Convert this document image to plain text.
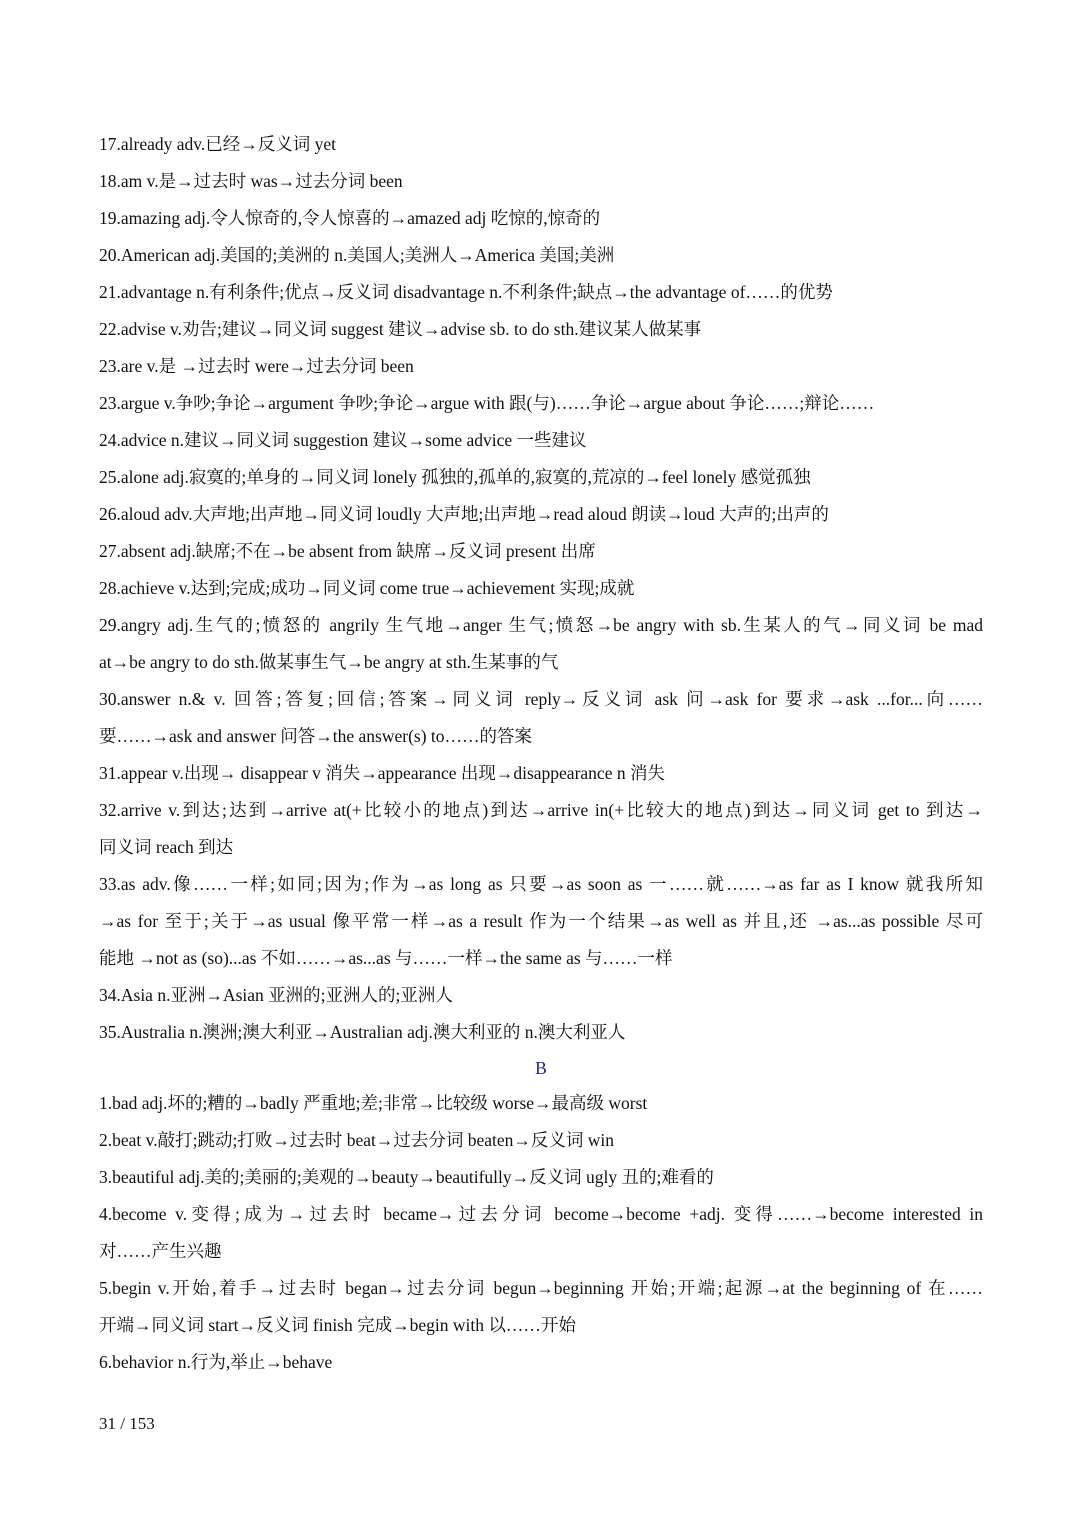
17.already adv.已经→反义词 yet
18.am v.是→过去时 was→过去分词 been
19.amazing adj.令人惊奇的,令人惊喜的→amazed adj 吃惊的,惊奇的
20.American adj.美国的;美洲的 n.美国人;美洲人→America 美国;美洲
21.advantage n.有利条件;优点→反义词 disadvantage n.不利条件;缺点→the advantage of……的优势
22.advise v.劝告;建议→同义词 suggest 建议→advise sb. to do sth.建议某人做某事
23.are v.是 →过去时 were→过去分词 been
23.argue v.争吵;争论→argument 争吵;争论→argue with 跟(与)……争论→argue about 争论……;辩论……
24.advice n.建议→同义词 suggestion 建议→some advice 一些建议
25.alone adj.寂寞的;单身的→同义词 lonely 孤独的,孤单的,寂寞的,荒凉的→feel lonely 感觉孤独
26.aloud adv.大声地;出声地→同义词 loudly 大声地;出声地→read aloud 朗读→loud 大声的;出声的
27.absent adj.缺席;不在→be absent from 缺席→反义词 present 出席
28.achieve v.达到;完成;成功→同义词 come true→achievement 实现;成就
29.angry adj.生气的;愤怒的 angrily 生气地→anger 生气;愤怒→be angry with sb.生某人的气→同义词 be mad
at→be angry to do sth.做某事生气→be angry at sth.生某事的气
30.answer n.& v. 回答;答复;回信;答案→同义词 reply→反义词 ask 问→ask for 要求→ask ...for...向……
要……→ask and answer 问答→the answer(s) to……的答案
31.appear v.出现→ disappear v 消失→appearance 出现→disappearance n 消失
32.arrive v.到达;达到→arrive at(+比较小的地点)到达→arrive in(+比较大的地点)到达→同义词 get to 到达→
同义词 reach 到达
33.as adv.像……一样;如同;因为;作为→as long as 只要→as soon as 一……就……→as far as I know 就我所知
→as for 至于;关于→as usual 像平常一样→as a result 作为一个结果→as well as 并且,还 →as...as possible 尽可
能地 →not as (so)...as 不如……→as...as 与……一样→the same as 与……一样
34.Asia n.亚洲→Asian 亚洲的;亚洲人的;亚洲人
35.Australia n.澳洲;澳大利亚→Australian adj.澳大利亚的 n.澳大利亚人
B
1.bad adj.坏的;糟的→badly 严重地;差;非常→比较级 worse→最高级 worst
2.beat v.敲打;跳动;打败→过去时 beat→过去分词 beaten→反义词 win
3.beautiful adj.美的;美丽的;美观的→beauty→beautifully→反义词 ugly 丑的;难看的
4.become v.变得;成为→过去时 became→过去分词 become→become +adj. 变得……→become interested in
对……产生兴趣
5.begin v.开始,着手→过去时 began→过去分词 begun→beginning 开始;开端;起源→at the beginning of 在……
开端→同义词 start→反义词 finish 完成→begin with 以……开始
6.behavior n.行为,举止→behave
31 / 153
